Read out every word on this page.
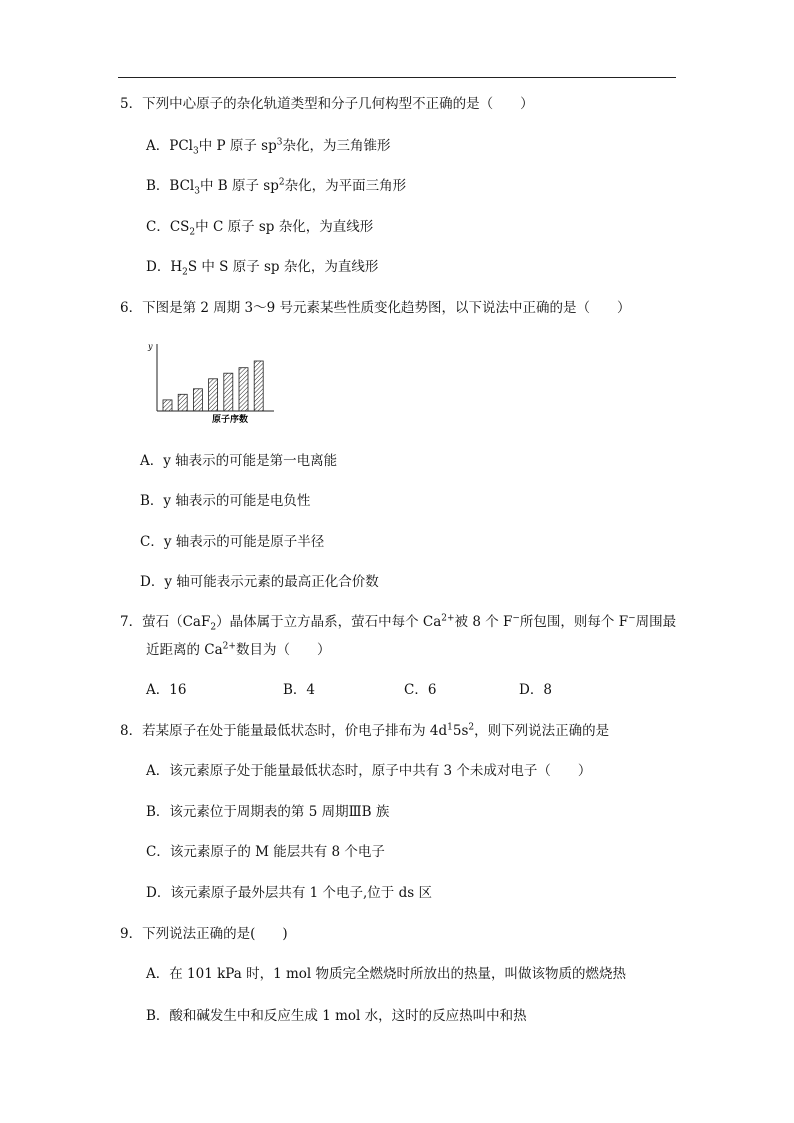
5．下列中心原子的杂化轨道类型和分子几何构型不正确的是（　　）
A．PCl$_3$中 P 原子 $sp^3$杂化，为三角锥形
B．BCl$_3$中 B 原子 $sp^2$杂化，为平面三角形
C．$CS_2$中 C 原子 sp 杂化，为直线形
D．$H_2S$ 中 S 原子 sp 杂化，为直线形
6．下图是第 2 周期 3～9 号元素某些性质变化趋势图，以下说法中正确的是（　　）
y
原子序数
A．y 轴表示的可能是第一电离能
B．y 轴表示的可能是电负性
C．y 轴表示的可能是原子半径
D．y 轴可能表示元素的最高正化合价数
7．萤石（CaF$_2$）晶体属于立方晶系，萤石中每个 $Ca^{2+}$被 8 个 F−所包围，则每个 F−周围最
近距离的 $Ca^{2+}$数目为（　　）
A．16	B．4	C．6	D．8
8．若某原子在处于能量最低状态时，价电子排布为 $4d^15s^2$，则下列说法正确的是
A．该元素原子处于能量最低状态时，原子中共有 3 个未成对电子（　　）
B．该元素位于周期表的第 5 周期ⅢB 族
C．该元素原子的 M 能层共有 8 个电子
D．该元素原子最外层共有 1 个电子,位于 ds 区
9．下列说法正确的是(　　)
A．在 101 kPa 时，1 mol 物质完全燃烧时所放出的热量，叫做该物质的燃烧热
B．酸和碱发生中和反应生成 1 mol 水，这时的反应热叫中和热
